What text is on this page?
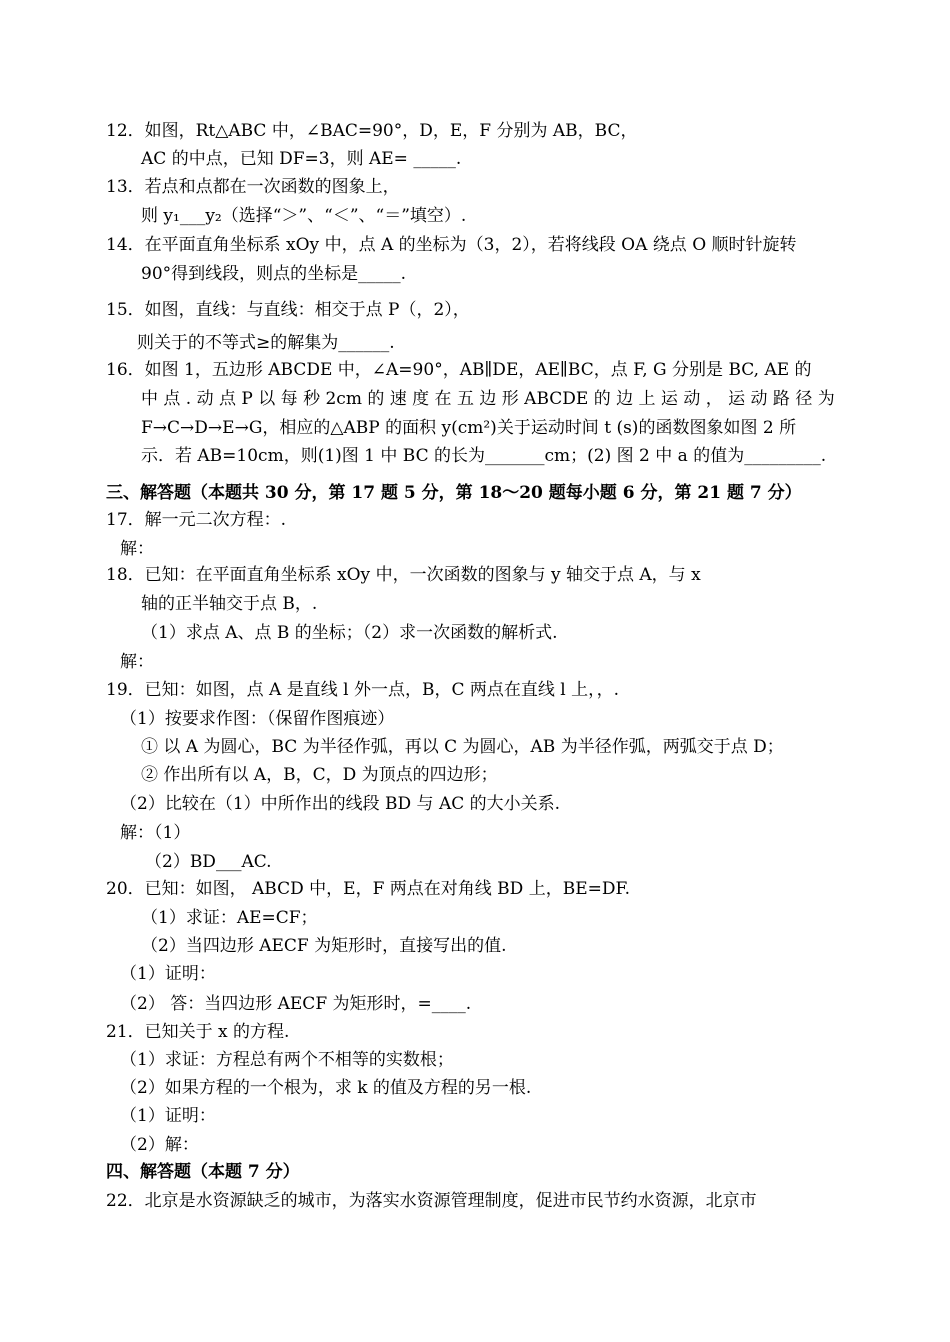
12．如图，Rt△ABC 中，∠BAC=90°，D，E，F 分别为 AB，BC，
AC 的中点，已知 DF=3，则 AE= _____.
13．若点和点都在一次函数的图象上，
则 y₁___y₂（选择“＞”、“＜”、“＝”填空）.
14．在平面直角坐标系 xOy 中，点 A 的坐标为（3，2），若将线段 OA 绕点 O 顺时针旋转
90°得到线段，则点的坐标是_____.
15．如图，直线：与直线：相交于点 P（，2），
则关于的不等式≥的解集为______.
16．如图 1，五边形 ABCDE 中，∠A=90°，AB∥DE，AE∥BC，点 F, G 分别是 BC, AE 的
中 点 . 动 点 P 以 每 秒 2cm 的 速 度 在 五 边 形 ABCDE 的 边 上 运 动 ， 运 动 路 径 为
F→C→D→E→G，相应的△ABP 的面积 y(cm²)关于运动时间 t (s)的函数图象如图 2 所
示．若 AB=10cm，则(1)图 1 中 BC 的长为_______cm；(2) 图 2 中 a 的值为_________.
三、解答题（本题共 30 分，第 17 题 5 分，第 18～20 题每小题 6 分，第 21 题 7 分）
17．解一元二次方程：.
解：
18．已知：在平面直角坐标系 xOy 中，一次函数的图象与 y 轴交于点 A，与 x
轴的正半轴交于点 B，.
（1）求点 A、点 B 的坐标；（2）求一次函数的解析式.
解：
19．已知：如图，点 A 是直线 l 外一点，B，C 两点在直线 l 上，，.
（1）按要求作图：（保留作图痕迹）
① 以 A 为圆心，BC 为半径作弧，再以 C 为圆心，AB 为半径作弧，两弧交于点 D；
② 作出所有以 A，B，C，D 为顶点的四边形；
（2）比较在（1）中所作出的线段 BD 与 AC 的大小关系.
解：（1）
（2）BD___AC.
20．已知：如图， ABCD 中，E，F 两点在对角线 BD 上，BE=DF.
（1）求证：AE=CF；
（2）当四边形 AECF 为矩形时，直接写出的值.
（1）证明：
（2） 答：当四边形 AECF 为矩形时，=____.
21．已知关于 x 的方程.
（1）求证：方程总有两个不相等的实数根；
（2）如果方程的一个根为，求 k 的值及方程的另一根.
（1）证明：
（2）解：
四、解答题（本题 7 分）
22．北京是水资源缺乏的城市，为落实水资源管理制度，促进市民节约水资源，北京市
